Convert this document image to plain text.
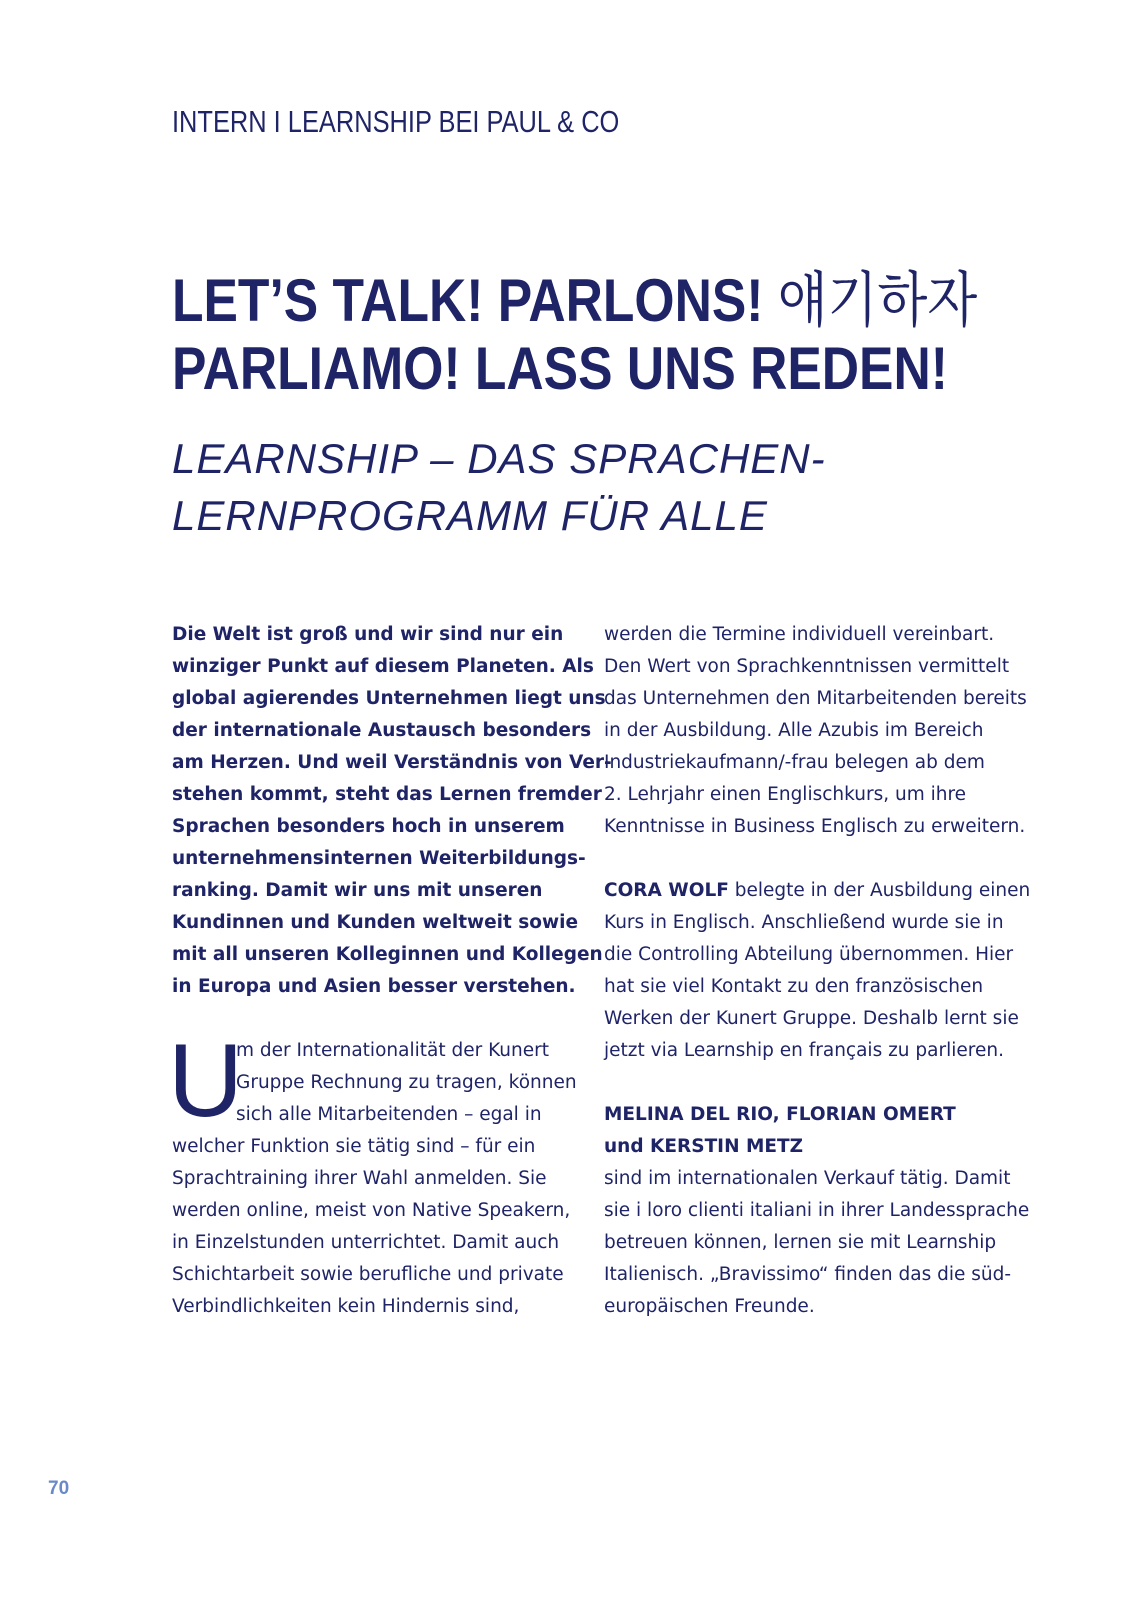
INTERN I LEARNSHIP BEI PAUL & CO
LET’S TALK! PARLONS! 얘기하자
PARLIAMO! LASS UNS REDEN!
LEARNSHIP – DAS SPRACHEN-
LERNPROGRAMM FÜR ALLE
Die Welt ist groß und wir sind nur ein
winziger Punkt auf diesem Planeten. Als
global agierendes Unternehmen liegt uns
der internationale Austausch besonders
am Herzen. Und weil Verständnis von Ver-
stehen kommt, steht das Lernen fremder
Sprachen besonders hoch in unserem
unternehmensinternen Weiterbildungs-
ranking. Damit wir uns mit unseren
Kundinnen und Kunden weltweit sowie
mit all unseren Kolleginnen und Kollegen
in Europa und Asien besser verstehen.
U
m der Internationalität der Kunert
Gruppe Rechnung zu tragen, können
sich alle Mitarbeitenden – egal in
welcher Funktion sie tätig sind – für ein
Sprachtraining ihrer Wahl anmelden. Sie
werden online, meist von Native Speakern,
in Einzelstunden unterrichtet. Damit auch
Schichtarbeit sowie berufliche und private
Verbindlichkeiten kein Hindernis sind,
werden die Termine individuell vereinbart.
Den Wert von Sprachkenntnissen vermittelt
das Unternehmen den Mitarbeitenden bereits
in der Ausbildung. Alle Azubis im Bereich
Industriekaufmann/-frau belegen ab dem
2. Lehrjahr einen Englischkurs, um ihre
Kenntnisse in Business Englisch zu erweitern.
CORA WOLF belegte in der Ausbildung einen
Kurs in Englisch. Anschließend wurde sie in
die Controlling Abteilung übernommen. Hier
hat sie viel Kontakt zu den französischen
Werken der Kunert Gruppe. Deshalb lernt sie
jetzt via Learnship en français zu parlieren.
MELINA DEL RIO, FLORIAN OMERT
und KERSTIN METZ
sind im internationalen Verkauf tätig. Damit
sie i loro clienti italiani in ihrer Landessprache
betreuen können, lernen sie mit Learnship
Italienisch. „Bravissimo“ finden das die süd-
europäischen Freunde.
70
